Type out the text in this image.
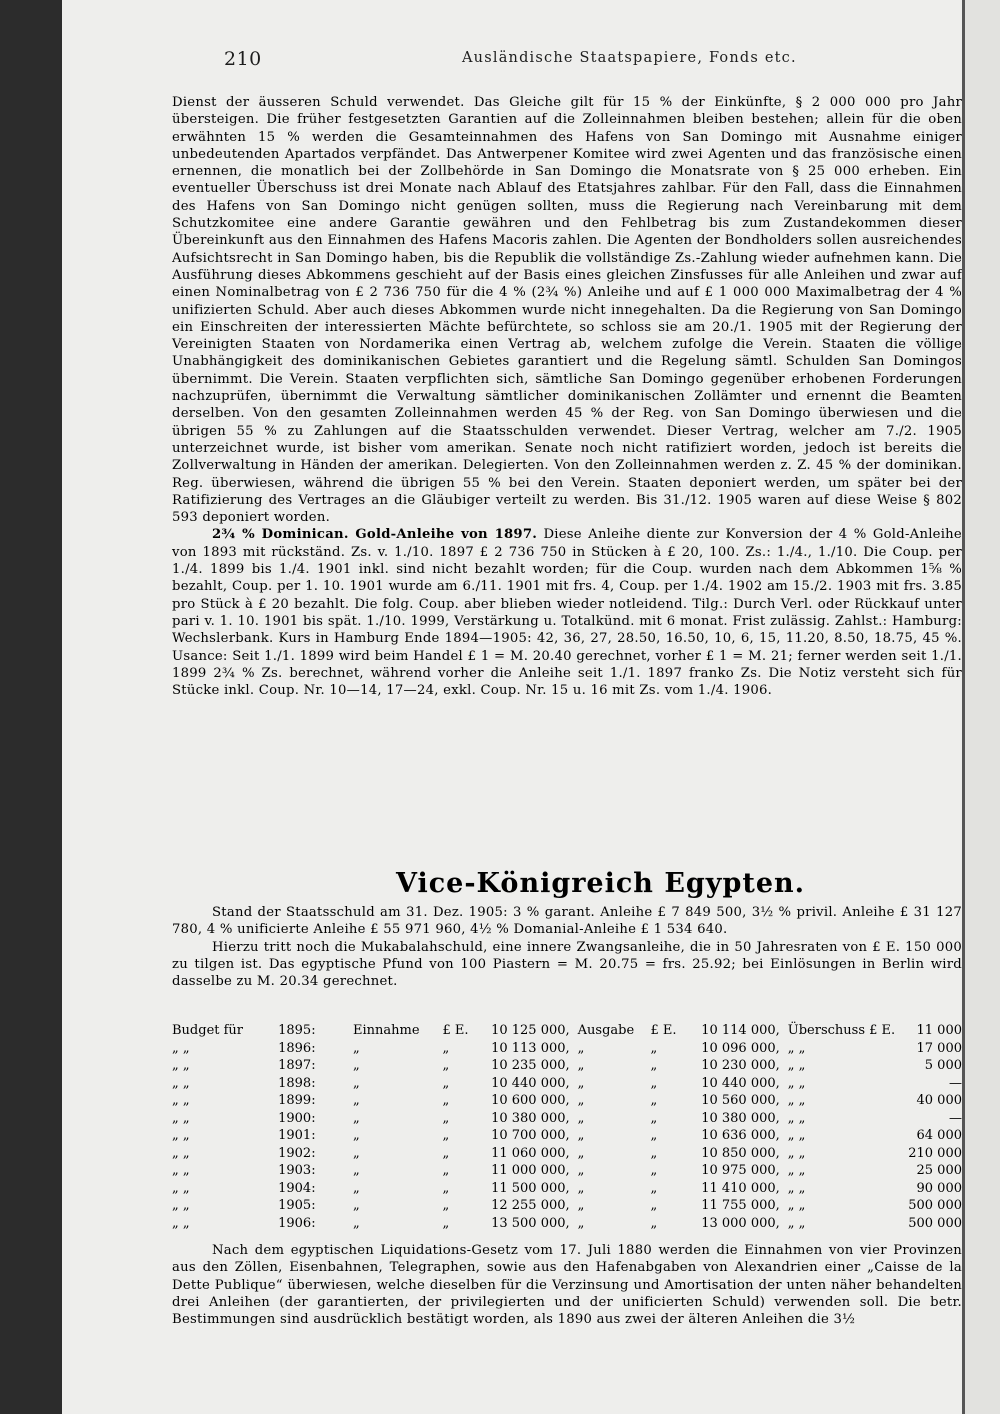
210	Ausländische Staatspapiere, Fonds etc.

Dienst der äusseren Schuld verwendet. Das Gleiche gilt für 15 % der Einkünfte, § 2 000 000 pro Jahr übersteigen. Die früher festgesetzten Garantien auf die Zolleinnahmen bleiben bestehen; allein für die oben erwähnten 15 % werden die Gesamteinnahmen des Hafens von San Domingo mit Ausnahme einiger unbedeutenden Apartados verpfändet. Das Antwerpener Komitee wird zwei Agenten und das französische einen ernennen, die monatlich bei der Zollbehörde in San Domingo die Monatsrate von § 25 000 erheben. Ein eventueller Überschuss ist drei Monate nach Ablauf des Etatsjahres zahlbar. Für den Fall, dass die Einnahmen des Hafens von San Domingo nicht genügen sollten, muss die Regierung nach Vereinbarung mit dem Schutzkomitee eine andere Garantie gewähren und den Fehlbetrag bis zum Zustandekommen dieser Übereinkunft aus den Einnahmen des Hafens Macoris zahlen. Die Agenten der Bondholders sollen ausreichendes Aufsichtsrecht in San Domingo haben, bis die Republik die vollständige Zs.-Zahlung wieder aufnehmen kann. Die Ausführung dieses Abkommens geschieht auf der Basis eines gleichen Zinsfusses für alle Anleihen und zwar auf einen Nominalbetrag von £ 2 736 750 für die 4 % (2¾ %) Anleihe und auf £ 1 000 000 Maximalbetrag der 4 % unifizierten Schuld. Aber auch dieses Abkommen wurde nicht innegehalten. Da die Regierung von San Domingo ein Einschreiten der interessierten Mächte befürchtete, so schloss sie am 20./1. 1905 mit der Regierung der Vereinigten Staaten von Nordamerika einen Vertrag ab, welchem zufolge die Verein. Staaten die völlige Unabhängigkeit des dominikanischen Gebietes garantiert und die Regelung sämtl. Schulden San Domingos übernimmt. Die Verein. Staaten verpflichten sich, sämtliche San Domingo gegenüber erhobenen Forderungen nachzuprüfen, übernimmt die Verwaltung sämtlicher dominikanischen Zollämter und ernennt die Beamten derselben. Von den gesamten Zolleinnahmen werden 45 % der Reg. von San Domingo überwiesen und die übrigen 55 % zu Zahlungen auf die Staatsschulden verwendet. Dieser Vertrag, welcher am 7./2. 1905 unterzeichnet wurde, ist bisher vom amerikan. Senate noch nicht ratifiziert worden, jedoch ist bereits die Zollverwaltung in Händen der amerikan. Delegierten. Von den Zolleinnahmen werden z. Z. 45 % der dominikan. Reg. überwiesen, während die übrigen 55 % bei den Verein. Staaten deponiert werden, um später bei der Ratifizierung des Vertrages an die Gläubiger verteilt zu werden. Bis 31./12. 1905 waren auf diese Weise § 802 593 deponiert worden.

2¾ % Dominican. Gold-Anleihe von 1897. Diese Anleihe diente zur Konversion der 4 % Gold-Anleihe von 1893 mit rückständ. Zs. v. 1./10. 1897 £ 2 736 750 in Stücken à £ 20, 100. Zs.: 1./4., 1./10. Die Coup. per 1./4. 1899 bis 1./4. 1901 inkl. sind nicht bezahlt worden; für die Coup. wurden nach dem Abkommen 1⅝ % bezahlt, Coup. per 1. 10. 1901 wurde am 6./11. 1901 mit frs. 4, Coup. per 1./4. 1902 am 15./2. 1903 mit frs. 3.85 pro Stück à £ 20 bezahlt. Die folg. Coup. aber blieben wieder notleidend. Tilg.: Durch Verl. oder Rückkauf unter pari v. 1. 10. 1901 bis spät. 1./10. 1999, Verstärkung u. Totalkünd. mit 6 monat. Frist zulässig. Zahlst.: Hamburg: Wechslerbank. Kurs in Hamburg Ende 1894—1905: 42, 36, 27, 28.50, 16.50, 10, 6, 15, 11.20, 8.50, 18.75, 45 %. Usance: Seit 1./1. 1899 wird beim Handel £ 1 = M. 20.40 gerechnet, vorher £ 1 = M. 21; ferner werden seit 1./1. 1899 2¾ % Zs. berechnet, während vorher die Anleihe seit 1./1. 1897 franko Zs. Die Notiz versteht sich für Stücke inkl. Coup. Nr. 10—14, 17—24, exkl. Coup. Nr. 15 u. 16 mit Zs. vom 1./4. 1906.

Vice-Königreich Egypten.

Stand der Staatsschuld am 31. Dez. 1905: 3 % garant. Anleihe £ 7 849 500, 3½ % privil. Anleihe £ 31 127 780, 4 % unificierte Anleihe £ 55 971 960, 4½ % Domanial-Anleihe £ 1 534 640.

Hierzu tritt noch die Mukabalahschuld, eine innere Zwangsanleihe, die in 50 Jahresraten von £ E. 150 000 zu tilgen ist. Das egyptische Pfund von 100 Piastern = M. 20.75 = frs. 25.92; bei Einlösungen in Berlin wird dasselbe zu M. 20.34 gerechnet.

Budget für	1895:	Einnahme	£ E.	10 125 000,	Ausgabe	£ E.	10 114 000,	Überschuss £ E.	11 000
„ „	1896:	„	„	10 113 000,	„	„	10 096 000,	„ „	17 000
„ „	1897:	„	„	10 235 000,	„	„	10 230 000,	„ „	5 000
„ „	1898:	„	„	10 440 000,	„	„	10 440 000,	„ „	—
„ „	1899:	„	„	10 600 000,	„	„	10 560 000,	„ „	40 000
„ „	1900:	„	„	10 380 000,	„	„	10 380 000,	„ „	—
„ „	1901:	„	„	10 700 000,	„	„	10 636 000,	„ „	64 000
„ „	1902:	„	„	11 060 000,	„	„	10 850 000,	„ „	210 000
„ „	1903:	„	„	11 000 000,	„	„	10 975 000,	„ „	25 000
„ „	1904:	„	„	11 500 000,	„	„	11 410 000,	„ „	90 000
„ „	1905:	„	„	12 255 000,	„	„	11 755 000,	„ „	500 000
„ „	1906:	„	„	13 500 000,	„	„	13 000 000,	„ „	500 000

Nach dem egyptischen Liquidations-Gesetz vom 17. Juli 1880 werden die Einnahmen von vier Provinzen aus den Zöllen, Eisenbahnen, Telegraphen, sowie aus den Hafenabgaben von Alexandrien einer „Caisse de la Dette Publique“ überwiesen, welche dieselben für die Verzinsung und Amortisation der unten näher behandelten drei Anleihen (der garantierten, der privilegierten und der unificierten Schuld) verwenden soll. Die betr. Bestimmungen sind ausdrücklich bestätigt worden, als 1890 aus zwei der älteren Anleihen die 3½
